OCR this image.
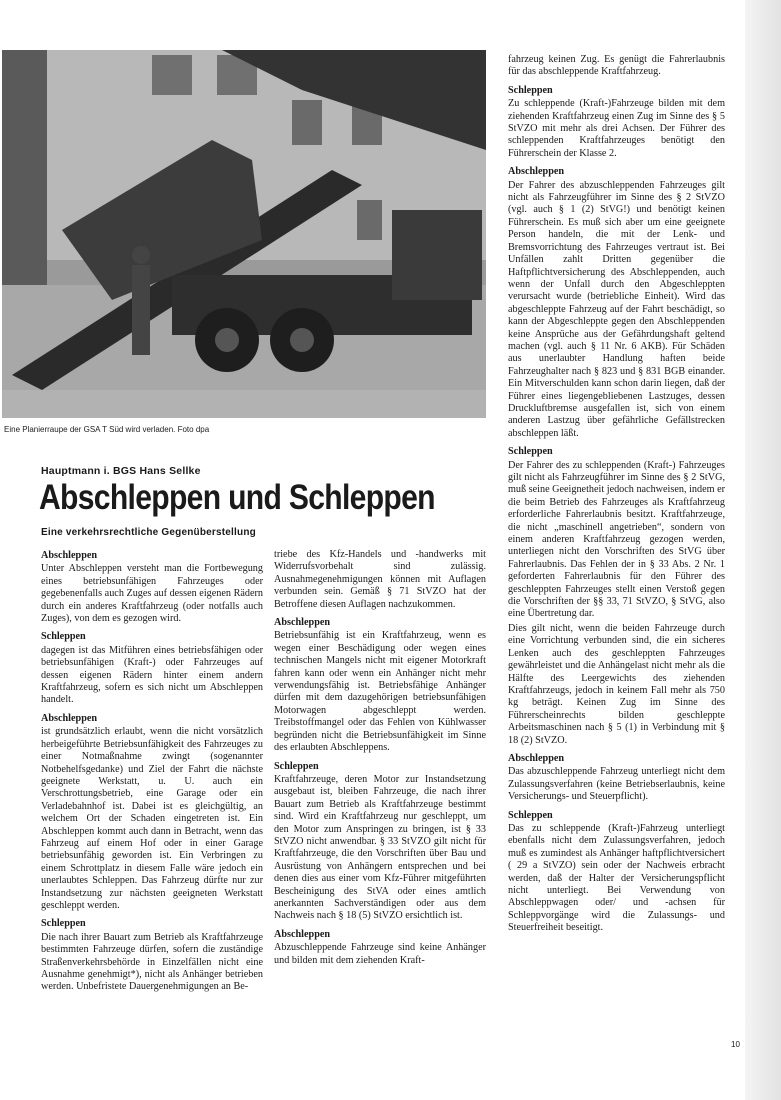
Eine Planierraupe der GSA T Süd wird verladen. Foto dpa
Hauptmann i. BGS Hans Sellke
Abschleppen und Schleppen
Eine verkehrsrechtliche Gegenüberstellung
Abschleppen

Unter Abschleppen versteht man die Fortbewegung eines betriebsunfähigen Fahrzeuges oder gegebenenfalls auch Zuges auf dessen eigenen Rädern durch ein anderes Kraftfahrzeug (oder notfalls auch Zuges), von dem es gezogen wird.

Schleppen

dagegen ist das Mitführen eines betriebsfähigen oder betriebsunfähigen (Kraft-) oder Fahrzeuges auf dessen eigenen Rädern hinter einem andern Kraftfahrzeug, sofern es sich nicht um Abschleppen handelt.

Abschleppen

ist grundsätzlich erlaubt, wenn die nicht vorsätzlich herbeigeführte Betriebsunfähigkeit des Fahrzeuges zu einer Notmaßnahme zwingt (sogenannter Notbehelfsgedanke) und Ziel der Fahrt die nächste geeignete Werkstatt, u. U. auch ein Verschrottungsbetrieb, eine Garage oder ein Verladebahnhof ist. Dabei ist es gleichgültig, an welchem Ort der Schaden eingetreten ist. Ein Abschleppen kommt auch dann in Betracht, wenn das Fahrzeug auf einem Hof oder in einer Garage betriebsunfähig geworden ist. Ein Verbringen zu einem Schrottplatz in diesem Falle wäre jedoch ein unerlaubtes Schleppen. Das Fahrzeug dürfte nur zur Instandsetzung zur nächsten geeigneten Werkstatt geschleppt werden.

Schleppen

Die nach ihrer Bauart zum Betrieb als Kraftfahrzeuge bestimmten Fahrzeuge dürfen, sofern die zuständige Straßenverkehrsbehörde in Einzelfällen nicht eine Ausnahme genehmigt*), nicht als Anhänger betrieben werden. Unbefristete Dauergenehmigungen an Be-

triebe des Kfz-Handels und -handwerks mit Widerrufsvorbehalt sind zulässig. Ausnahmegenehmigungen können mit Auflagen verbunden sein. Gemäß § 71 StVZO hat der Betroffene diesen Auflagen nachzukommen.

Abschleppen

Betriebsunfähig ist ein Kraftfahrzeug, wenn es wegen einer Beschädigung oder wegen eines technischen Mangels nicht mit eigener Motorkraft fahren kann oder wenn ein Anhänger nicht mehr verwendungsfähig ist. Betriebsfähige Anhänger dürfen mit dem dazugehörigen betriebsunfähigen Motorwagen abgeschleppt werden. Treibstoffmangel oder das Fehlen von Kühlwasser begründen nicht die Betriebsunfähigkeit im Sinne des erlaubten Abschleppens.

Schleppen

Kraftfahrzeuge, deren Motor zur Instandsetzung ausgebaut ist, bleiben Fahrzeuge, die nach ihrer Bauart zum Betrieb als Kraftfahrzeuge bestimmt sind. Wird ein Kraftfahrzeug nur geschleppt, um den Motor zum Anspringen zu bringen, ist § 33 StVZO nicht anwendbar. § 33 StVZO gilt nicht für Kraftfahrzeuge, die den Vorschriften über Bau und Ausrüstung von Anhängern entsprechen und bei denen dies aus einer vom Kfz-Führer mitgeführten Bescheinigung des StVA oder eines amtlich anerkannten Sachverständigen oder aus dem Nachweis nach § 18 (5) StVZO ersichtlich ist.

Abschleppen

Abzuschleppende Fahrzeuge sind keine Anhänger und bilden mit dem ziehenden Kraft-

fahrzeug keinen Zug. Es genügt die Fahrerlaubnis für das abschleppende Kraftfahrzeug.

Schleppen

Zu schleppende (Kraft-)Fahrzeuge bilden mit dem ziehenden Kraftfahrzeug einen Zug im Sinne des § 5 StVZO mit mehr als drei Achsen. Der Führer des schleppenden Kraftfahrzeuges benötigt den Führerschein der Klasse 2.

Abschleppen

Der Fahrer des abzuschleppenden Fahrzeuges gilt nicht als Fahrzeugführer im Sinne des § 2 StVZO (vgl. auch § 1 (2) StVG!) und benötigt keinen Führerschein. Es muß sich aber um eine geeignete Person handeln, die mit der Lenk- und Bremsvorrichtung des Fahrzeuges vertraut ist. Bei Unfällen zahlt Dritten gegenüber die Haftpflichtversicherung des Abschleppenden, auch wenn der Unfall durch den Abgeschleppten verursacht wurde (betriebliche Einheit). Wird das abgeschleppte Fahrzeug auf der Fahrt beschädigt, so kann der Abgeschleppte gegen den Abschleppenden keine Ansprüche aus der Gefährdungshaft geltend machen (vgl. auch § 11 Nr. 6 AKB). Für Schäden aus unerlaubter Handlung haften beide Fahrzeughalter nach § 823 und § 831 BGB einander. Ein Mitverschulden kann schon darin liegen, daß der Führer eines liegengebliebenen Lastzuges, dessen Druckluftbremse ausgefallen ist, sich von einem anderen Lastzug über gefährliche Gefällstrecken abschleppen läßt.

Schleppen

Der Fahrer des zu schleppenden (Kraft-) Fahrzeuges gilt nicht als Fahrzeugführer im Sinne des § 2 StVG, muß seine Geeignetheit jedoch nachweisen, indem er die beim Betrieb des Fahrzeuges als Kraftfahrzeug erforderliche Fahrerlaubnis besitzt. Kraftfahrzeuge, die nicht „maschinell angetrieben“, sondern von einem anderen Kraftfahrzeug gezogen werden, unterliegen nicht den Vorschriften des StVG über Fahrerlaubnis. Das Fehlen der in § 33 Abs. 2 Nr. 1 geforderten Fahrerlaubnis für den Führer des geschleppten Fahrzeuges stellt einen Verstoß gegen die Vorschriften der §§ 33, 71 StVZO, § StVG, also eine Übertretung dar.

Dies gilt nicht, wenn die beiden Fahrzeuge durch eine Vorrichtung verbunden sind, die ein sicheres Lenken auch des geschleppten Fahrzeuges gewährleistet und die Anhängelast nicht mehr als die Hälfte des Leergewichts des ziehenden Kraftfahrzeugs, jedoch in keinem Fall mehr als 750 kg beträgt. Keinen Zug im Sinne des Führerscheinrechts bilden geschleppte Arbeitsmaschinen nach § 5 (1) in Verbindung mit § 18 (2) StVZO.

Abschleppen

Das abzuschleppende Fahrzeug unterliegt nicht dem Zulassungsverfahren (keine Betriebserlaubnis, keine Versicherungs- und Steuerpflicht).

Schleppen

Das zu schleppende (Kraft-)Fahrzeug unterliegt ebenfalls nicht dem Zulassungsverfahren, jedoch muß es zumindest als Anhänger haftpflichtversichert ( 29 a StVZO) sein oder der Nachweis erbracht werden, daß der Halter der Versicherungspflicht nicht unterliegt. Bei Verwendung von Abschleppwagen oder/ und -achsen für Schleppvorgänge wird die Zulassungs- und Steuerfreiheit beseitigt.

10
